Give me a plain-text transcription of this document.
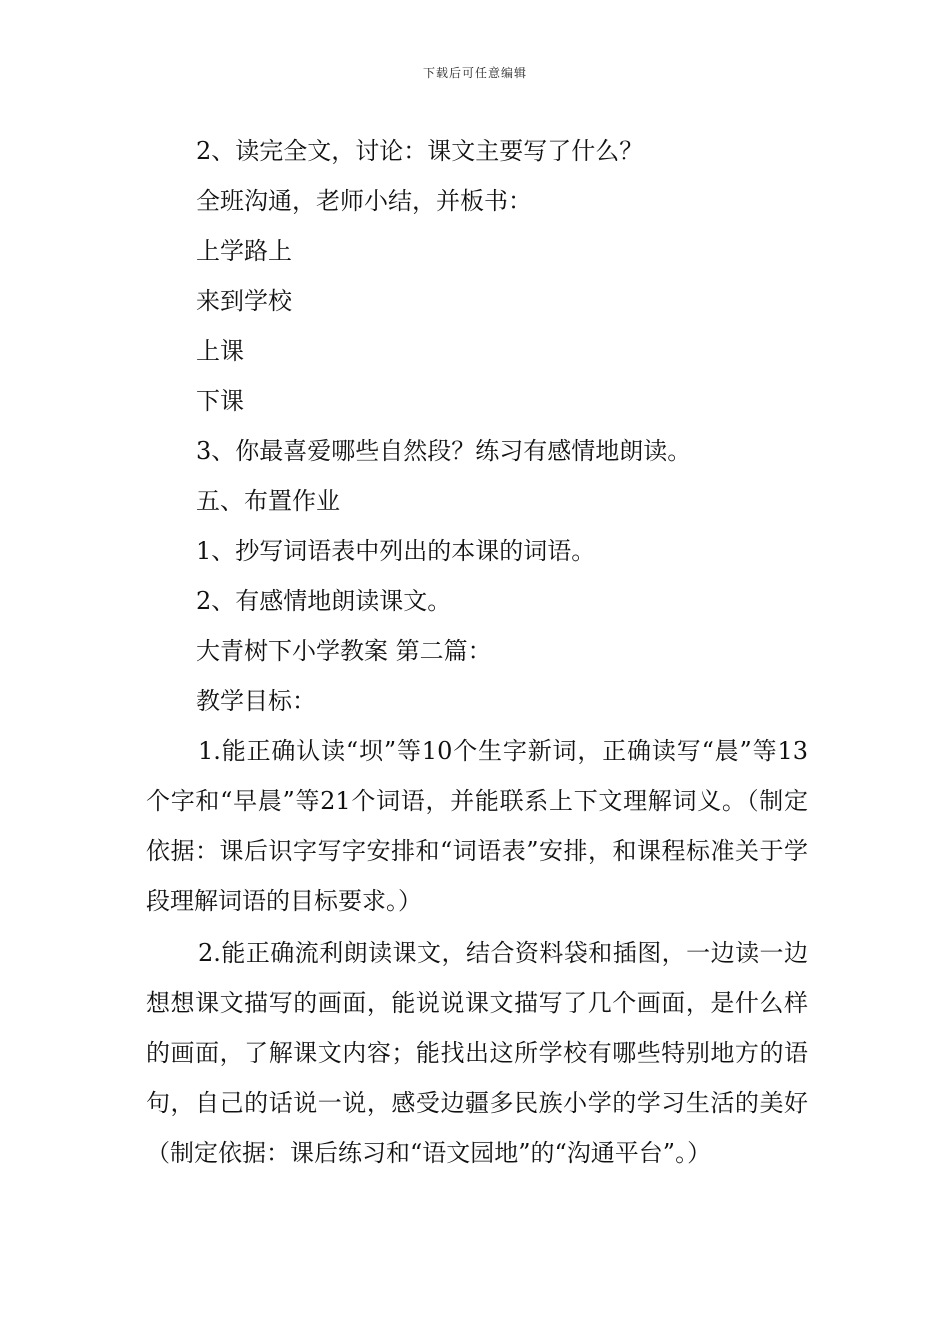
下载后可任意编辑
2、读完全文，讨论：课文主要写了什么？
全班沟通，老师小结，并板书：
上学路上
来到学校
上课
下课
3、你最喜爱哪些自然段？练习有感情地朗读。
五、布置作业
1、抄写词语表中列出的本课的词语。
2、有感情地朗读课文。
大青树下小学教案 第二篇：
教学目标：

1.能正确认读“坝”等10个生字新词，正确读写“晨”等13个字和“早晨”等21个词语，并能联系上下文理解词义。（制定依据：课后识字写字安排和“词语表”安排，和课程标准关于学段理解词语的目标要求。）

2.能正确流利朗读课文，结合资料袋和插图，一边读一边想想课文描写的画面，能说说课文描写了几个画面，是什么样的画面，了解课文内容；能找出这所学校有哪些特别地方的语句，自己的话说一说，感受边疆多民族小学的学习生活的美好（制定依据：课后练习和“语文园地”的“沟通平台”。）
